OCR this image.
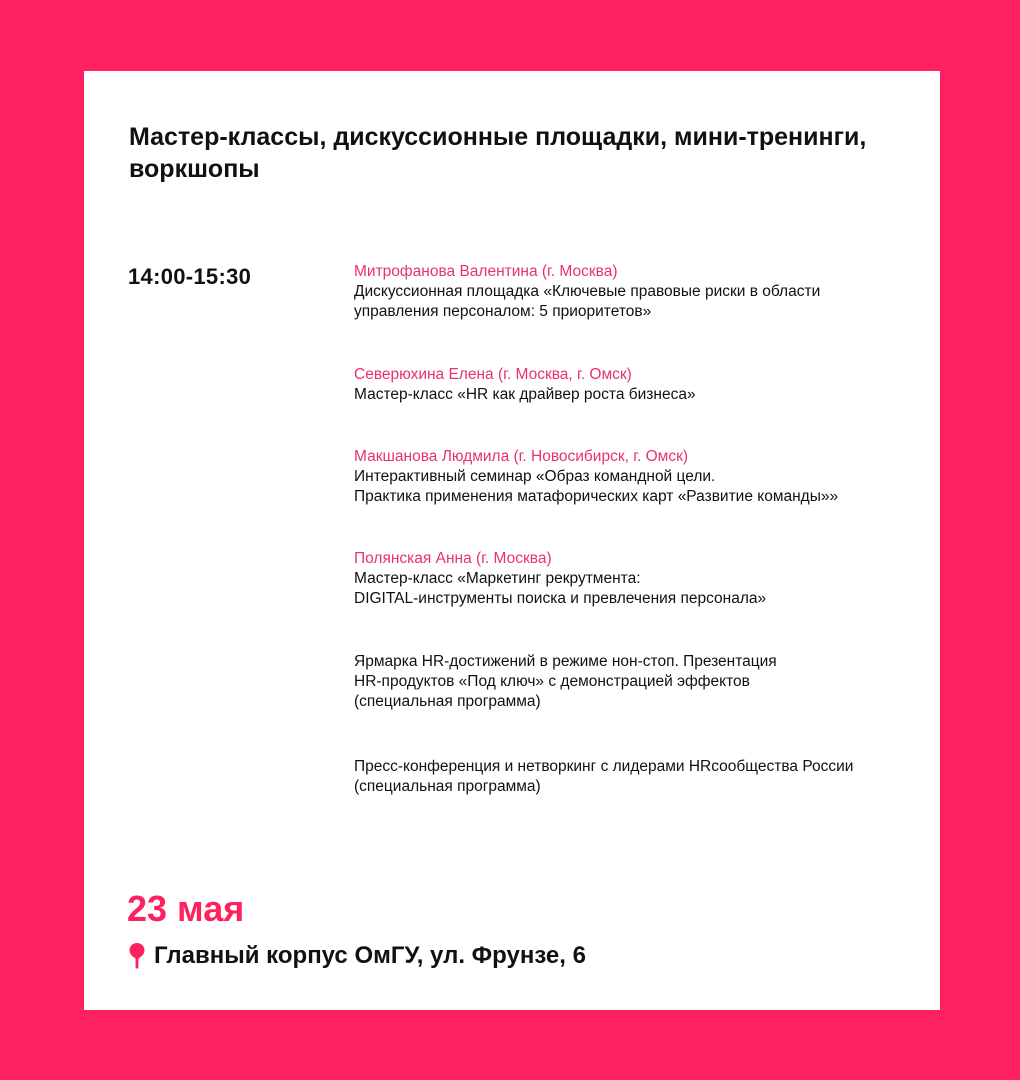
Мастер-классы, дискуссионные площадки, мини-тренинги, воркшопы
14:00-15:30	Митрофанова Валентина (г. Москва)
Дискуссионная площадка «Ключевые правовые риски в области
управления персоналом: 5 приоритетов»
Северюхина Елена (г. Москва, г. Омск)
Мастер-класс «HR как драйвер роста бизнеса»
Макшанова Людмила (г. Новосибирск, г. Омск)
Интерактивный семинар «Образ командной цели.
Практика применения матафорических карт «Развитие команды»»
Полянская Анна (г. Москва)
Мастер-класс «Маркетинг рекрутмента:
DIGITAL-инструменты поиска и превлечения персонала»
Ярмарка HR-достижений в режиме нон-стоп. Презентация
HR-продуктов «Под ключ» с демонстрацией эффектов
(специальная программа)
Пресс-конференция и нетворкинг с лидерами HRсообщества России
(специальная программа)
23 мая
Главный корпус ОмГУ, ул. Фрунзе, 6
